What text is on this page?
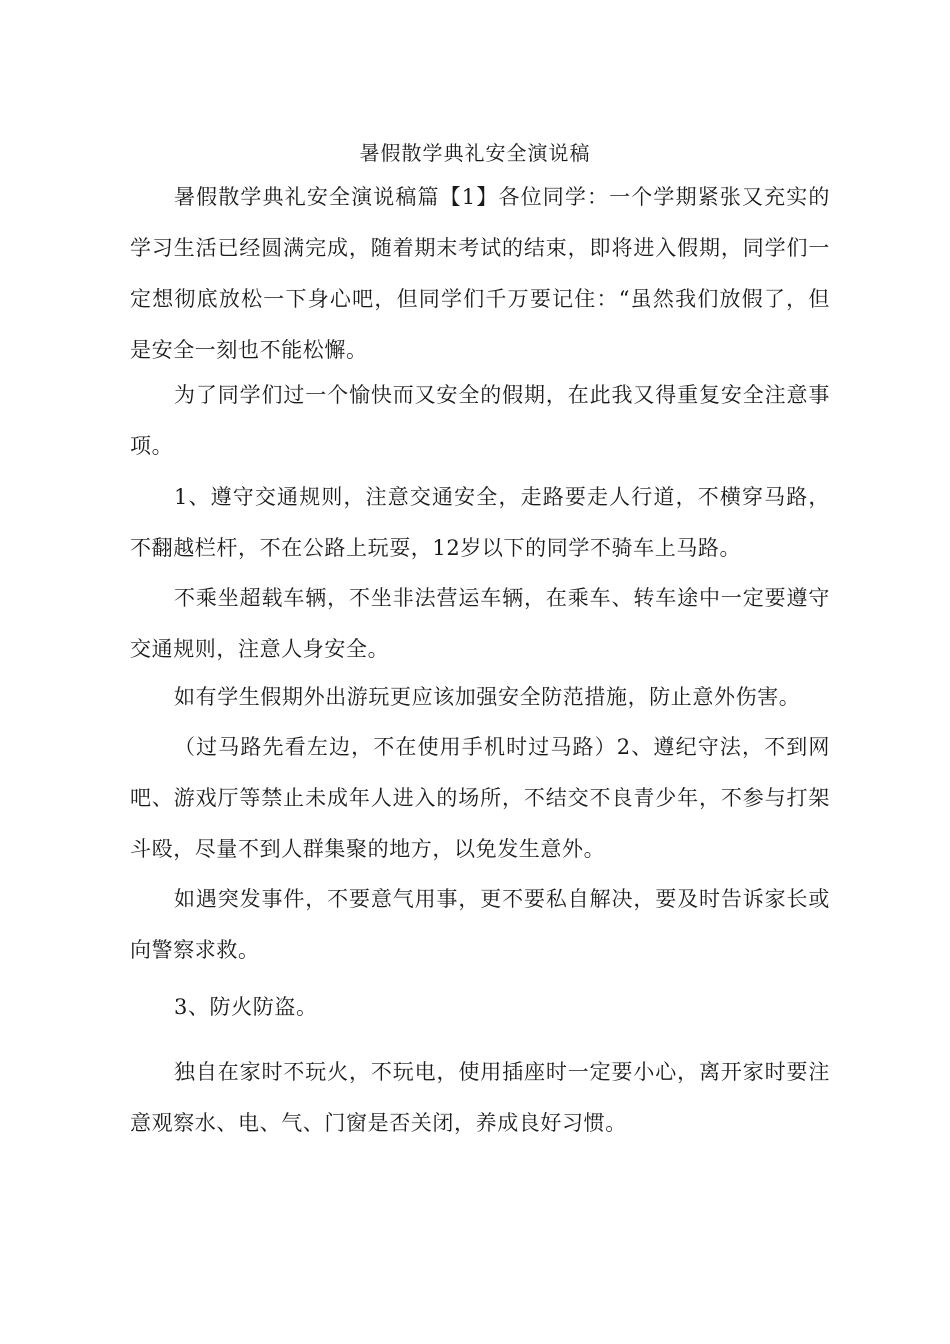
暑假散学典礼安全演说稿

暑假散学典礼安全演说稿篇【1】各位同学：一个学期紧张又充实的学习生活已经圆满完成，随着期末考试的结束，即将进入假期，同学们一定想彻底放松一下身心吧，但同学们千万要记住：“虽然我们放假了，但是安全一刻也不能松懈。

为了同学们过一个愉快而又安全的假期，在此我又得重复安全注意事项。

1、遵守交通规则，注意交通安全，走路要走人行道，不横穿马路，不翻越栏杆，不在公路上玩耍，12岁以下的同学不骑车上马路。

不乘坐超载车辆，不坐非法营运车辆，在乘车、转车途中一定要遵守交通规则，注意人身安全。

如有学生假期外出游玩更应该加强安全防范措施，防止意外伤害。

（过马路先看左边，不在使用手机时过马路）2、遵纪守法，不到网吧、游戏厅等禁止未成年人进入的场所，不结交不良青少年，不参与打架斗殴，尽量不到人群集聚的地方，以免发生意外。

如遇突发事件，不要意气用事，更不要私自解决，要及时告诉家长或向警察求救。

3、防火防盗。

独自在家时不玩火，不玩电，使用插座时一定要小心，离开家时要注意观察水、电、气、门窗是否关闭，养成良好习惯。
